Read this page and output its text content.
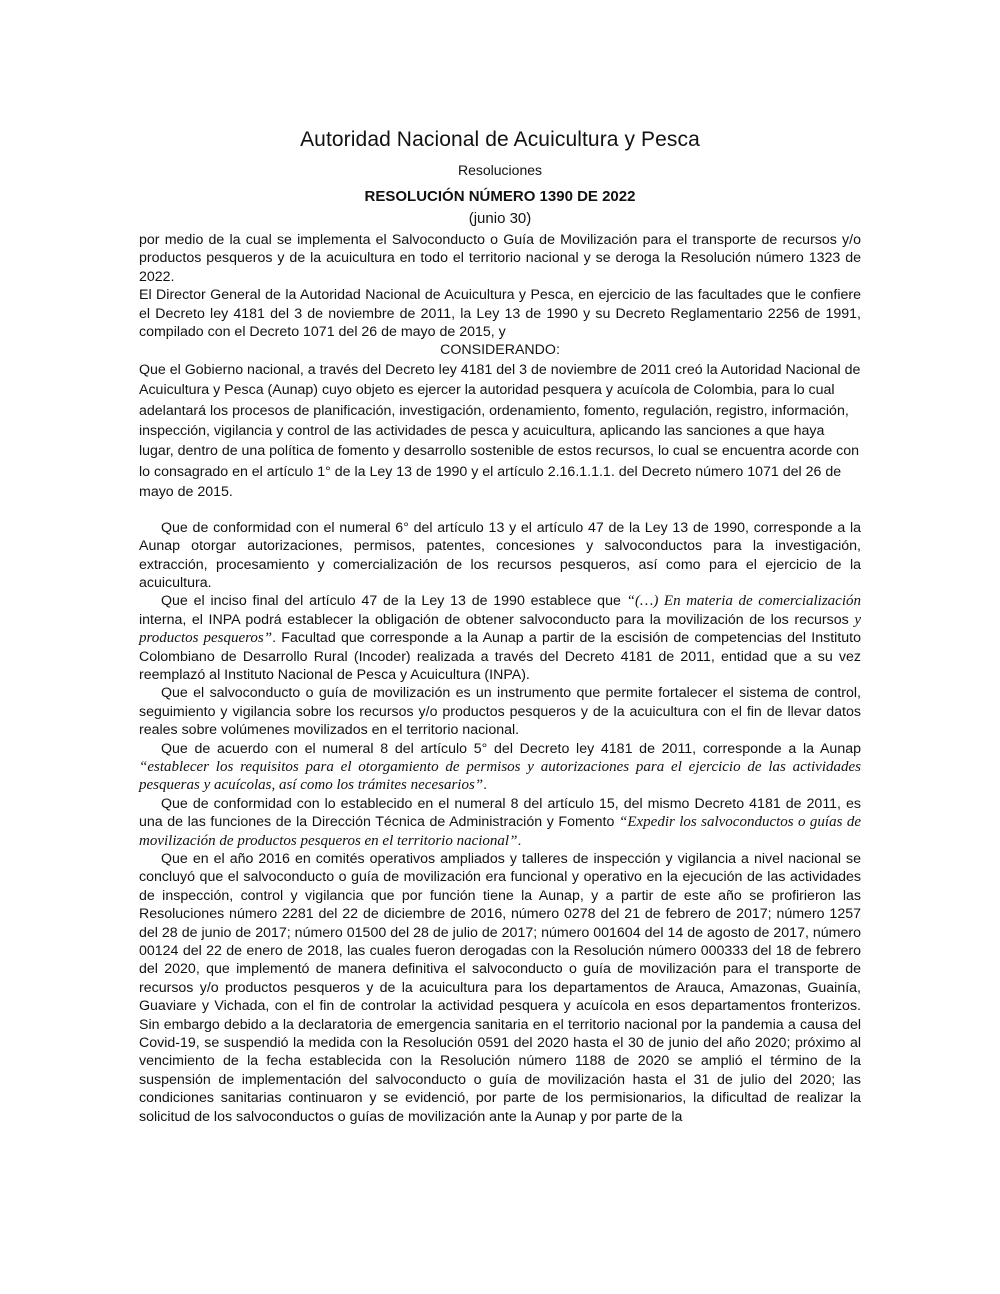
Autoridad Nacional de Acuicultura y Pesca
Resoluciones
RESOLUCIÓN NÚMERO 1390 DE 2022
(junio 30)

por medio de la cual se implementa el Salvoconducto o Guía de Movilización para el transporte de recursos y/o productos pesqueros y de la acuicultura en todo el territorio nacional y se deroga la Resolución número 1323 de 2022.

El Director General de la Autoridad Nacional de Acuicultura y Pesca, en ejercicio de las facultades que le confiere el Decreto ley 4181 del 3 de noviembre de 2011, la Ley 13 de 1990 y su Decreto Reglamentario 2256 de 1991, compilado con el Decreto 1071 del 26 de mayo de 2015, y

CONSIDERANDO:

Que el Gobierno nacional, a través del Decreto ley 4181 del 3 de noviembre de 2011 creó la Autoridad Nacional de Acuicultura y Pesca (Aunap) cuyo objeto es ejercer la autoridad pesquera y acuícola de Colombia, para lo cual adelantará los procesos de planificación, investigación, ordenamiento, fomento, regulación, registro, información, inspección, vigilancia y control de las actividades de pesca y acuicultura, aplicando las sanciones a que haya lugar, dentro de una política de fomento y desarrollo sostenible de estos recursos, lo cual se encuentra acorde con lo consagrado en el artículo 1° de la Ley 13 de 1990 y el artículo 2.16.1.1.1. del Decreto número 1071 del 26 de mayo de 2015.

Que de conformidad con el numeral 6° del artículo 13 y el artículo 47 de la Ley 13 de 1990, corresponde a la Aunap otorgar autorizaciones, permisos, patentes, concesiones y salvoconductos para la investigación, extracción, procesamiento y comercialización de los recursos pesqueros, así como para el ejercicio de la acuicultura.

Que el inciso final del artículo 47 de la Ley 13 de 1990 establece que “(…) En materia de comercialización interna, el INPA podrá establecer la obligación de obtener salvoconducto para la movilización de los recursos y productos pesqueros”. Facultad que corresponde a la Aunap a partir de la escisión de competencias del Instituto Colombiano de Desarrollo Rural (Incoder) realizada a través del Decreto 4181 de 2011, entidad que a su vez reemplazó al Instituto Nacional de Pesca y Acuicultura (INPA).

Que el salvoconducto o guía de movilización es un instrumento que permite fortalecer el sistema de control, seguimiento y vigilancia sobre los recursos y/o productos pesqueros y de la acuicultura con el fin de llevar datos reales sobre volúmenes movilizados en el territorio nacional.

Que de acuerdo con el numeral 8 del artículo 5° del Decreto ley 4181 de 2011, corresponde a la Aunap “establecer los requisitos para el otorgamiento de permisos y autorizaciones para el ejercicio de las actividades pesqueras y acuícolas, así como los trámites necesarios”.

Que de conformidad con lo establecido en el numeral 8 del artículo 15, del mismo Decreto 4181 de 2011, es una de las funciones de la Dirección Técnica de Administración y Fomento “Expedir los salvoconductos o guías de movilización de productos pesqueros en el territorio nacional”.

Que en el año 2016 en comités operativos ampliados y talleres de inspección y vigilancia a nivel nacional se concluyó que el salvoconducto o guía de movilización era funcional y operativo en la ejecución de las actividades de inspección, control y vigilancia que por función tiene la Aunap, y a partir de este año se profirieron las Resoluciones número 2281 del 22 de diciembre de 2016, número 0278 del 21 de febrero de 2017; número 1257 del 28 de junio de 2017; número 01500 del 28 de julio de 2017; número 001604 del 14 de agosto de 2017, número 00124 del 22 de enero de 2018, las cuales fueron derogadas con la Resolución número 000333 del 18 de febrero del 2020, que implementó de manera definitiva el salvoconducto o guía de movilización para el transporte de recursos y/o productos pesqueros y de la acuicultura para los departamentos de Arauca, Amazonas, Guainía, Guaviare y Vichada, con el fin de controlar la actividad pesquera y acuícola en esos departamentos fronterizos. Sin embargo debido a la declaratoria de emergencia sanitaria en el territorio nacional por la pandemia a causa del Covid-19, se suspendió la medida con la Resolución 0591 del 2020 hasta el 30 de junio del año 2020; próximo al vencimiento de la fecha establecida con la Resolución número 1188 de 2020 se amplió el término de la suspensión de implementación del salvoconducto o guía de movilización hasta el 31 de julio del 2020; las condiciones sanitarias continuaron y se evidenció, por parte de los permisionarios, la dificultad de realizar la solicitud de los salvoconductos o guías de movilización ante la Aunap y por parte de la
